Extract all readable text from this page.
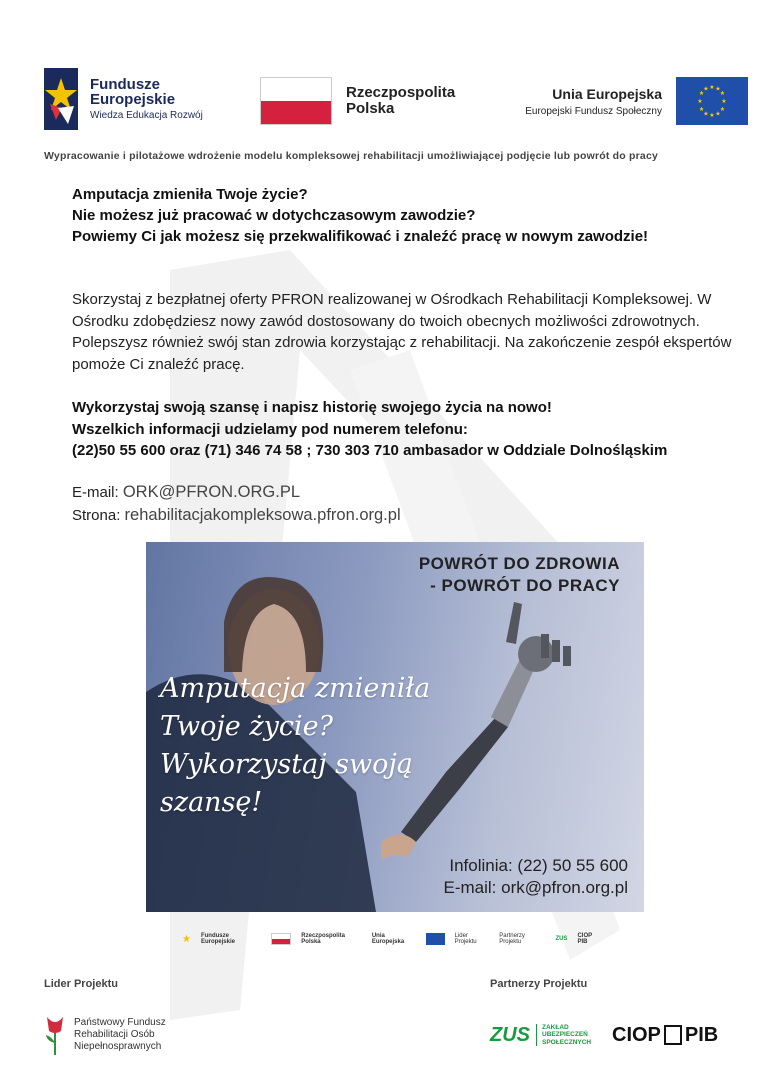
Fundusze
Europejskie
Wiedza Edukacja Rozwój
Rzeczpospolita
Polska
Unia Europejska
Europejski Fundusz Społeczny
★ ★
★
★
★
★
★
★
★
★
★
★
Wypracowanie i pilotażowe wdrożenie modelu kompleksowej rehabilitacji umożliwiającej podjęcie lub powrót do pracy
Amputacja zmieniła Twoje życie?
Nie możesz już pracować w dotychczasowym zawodzie?
Powiemy Ci jak możesz się przekwalifikować i znaleźć pracę w nowym zawodzie!
Skorzystaj z bezpłatnej oferty PFRON realizowanej w Ośrodkach Rehabilitacji Kompleksowej. W Ośrodku zdobędziesz nowy zawód dostosowany do twoich obecnych możliwości zdrowotnych. Polepszysz również swój stan zdrowia korzystając z rehabilitacji. Na zakończenie zespół ekspertów pomoże Ci znaleźć pracę.
Wykorzystaj swoją szansę i napisz historię swojego życia na nowo!
Wszelkich informacji udzielamy pod numerem telefonu:
(22)50 55 600 oraz (71) 346 74 58 ; 730 303 710 ambasador w Oddziale Dolnośląskim
E-mail: ORK@PFRON.ORG.PL
Strona: rehabilitacjakompleksowa.pfron.org.pl
POWRÓT DO ZDROWIA
- POWRÓT DO PRACY
Amputacja zmieniła
Twoje życie?
Wykorzystaj swoją
szansę!
Infolinia: (22) 50 55 600
E-mail: ork@pfron.org.pl
★ Fundusze Europejskie
Rzeczpospolita Polska
Unia Europejska
Lider Projektu
Partnerzy Projektu	ZUS CIOP PIB
Lider Projektu	Partnerzy Projektu
Państwowy Fundusz
Rehabilitacji Osób
Niepełnosprawnych
ZUS ZAKŁAD
UBEZPIECZEŃ
SPOŁECZNYCH CIOP PIB
